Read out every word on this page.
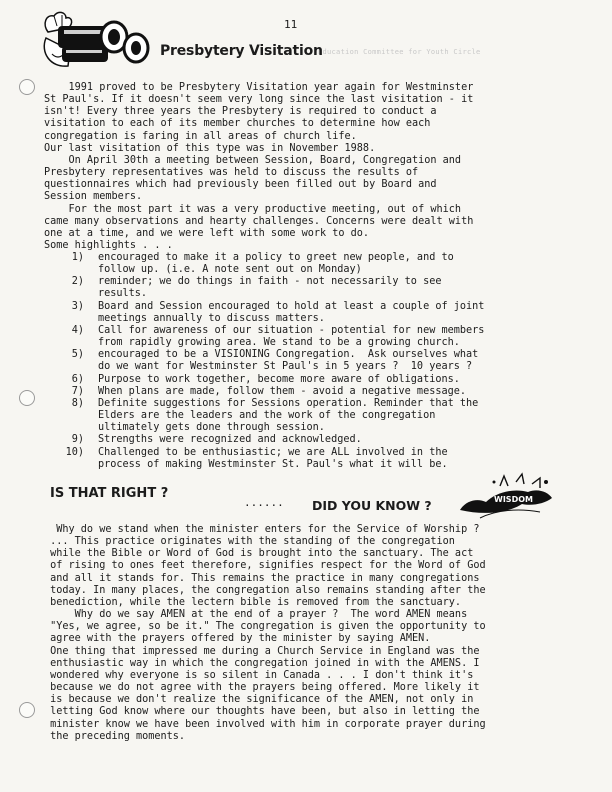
11
Education Committee for Youth Circle
Presbytery Visitation
1991 proved to be Presbytery Visitation year again for Westminster
St Paul's. If it doesn't seem very long since the last visitation - it
isn't! Every three years the Presbytery is required to conduct a
visitation to each of its member churches to determine how each
congregation is faring in all areas of church life.
Our last visitation of this type was in November 1988.
On April 30th a meeting between Session, Board, Congregation and
Presbytery representatives was held to discuss the results of
questionnaires which had previously been filled out by Board and
Session members.
For the most part it was a very productive meeting, out of which
came many observations and hearty challenges. Concerns were dealt with
one at a time, and we were left with some work to do.
Some highlights . . .
1)	encouraged to make it a policy to greet new people, and to
follow up. (i.e. A note sent out on Monday)
2)	reminder; we do things in faith - not necessarily to see
results.
3)	Board and Session encouraged to hold at least a couple of joint
meetings annually to discuss matters.
4)	Call for awareness of our situation - potential for new members
from rapidly growing area. We stand to be a growing church.
5)	encouraged to be a VISIONING Congregation.  Ask ourselves what
do we want for Westminster St Paul's in 5 years ?  10 years ?
6)	Purpose to work together, become more aware of obligations.
7)	When plans are made, follow them - avoid a negative message.
8)	Definite suggestions for Sessions operation. Reminder that the
Elders are the leaders and the work of the congregation
ultimately gets done through session.
9)	Strengths were recognized and acknowledged.
10)	Challenged to be enthusiastic; we are ALL involved in the
process of making Westminster St. Paul's what it will be.
IS THAT RIGHT ?
...... DID YOU KNOW ?	WISDOM
Why do we stand when the minister enters for the Service of Worship ?
... This practice originates with the standing of the congregation
while the Bible or Word of God is brought into the sanctuary. The act
of rising to ones feet therefore, signifies respect for the Word of God
and all it stands for. This remains the practice in many congregations
today. In many places, the congregation also remains standing after the
benediction, while the lectern bible is removed from the sanctuary.
Why do we say AMEN at the end of a prayer ?  The word AMEN means
"Yes, we agree, so be it." The congregation is given the opportunity to
agree with the prayers offered by the minister by saying AMEN.
One thing that impressed me during a Church Service in England was the
enthusiastic way in which the congregation joined in with the AMENS. I
wondered why everyone is so silent in Canada . . . I don't think it's
because we do not agree with the prayers being offered. More likely it
is because we don't realize the significance of the AMEN, not only in
letting God know where our thoughts have been, but also in letting the
minister know we have been involved with him in corporate prayer during
the preceding moments.
